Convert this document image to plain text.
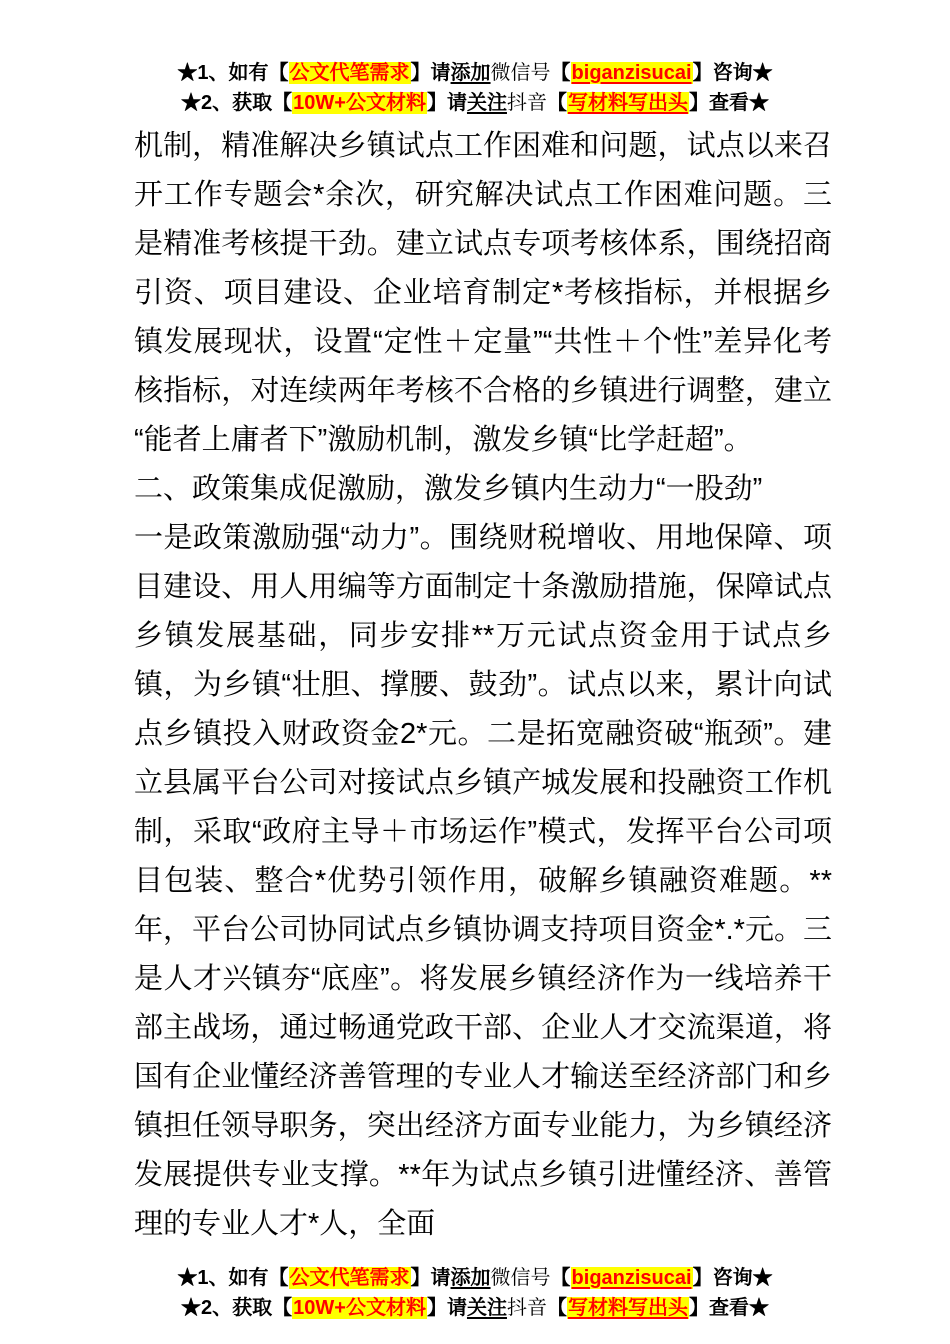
★1、如有【公文代笔需求】请添加微信号【biganzisucai】咨询★
★2、获取【10W+公文材料】请关注抖音【写材料写出头】查看★

机制，精准解决乡镇试点工作困难和问题，试点以来召开工作专题会*余次，研究解决试点工作困难问题。三是精准考核提干劲。建立试点专项考核体系，围绕招商引资、项目建设、企业培育制定*考核指标，并根据乡镇发展现状，设置“定性＋定量”“共性＋个性”差异化考核指标，对连续两年考核不合格的乡镇进行调整，建立“能者上庸者下”激励机制，激发乡镇“比学赶超”。

二、政策集成促激励，激发乡镇内生动力“一股劲”

一是政策激励强“动力”。围绕财税增收、用地保障、项目建设、用人用编等方面制定十条激励措施，保障试点乡镇发展基础，同步安排**万元试点资金用于试点乡镇，为乡镇“壮胆、撑腰、鼓劲”。试点以来，累计向试点乡镇投入财政资金2*元。二是拓宽融资破“瓶颈”。建立县属平台公司对接试点乡镇产城发展和投融资工作机制，采取“政府主导＋市场运作”模式，发挥平台公司项目包装、整合*优势引领作用，破解乡镇融资难题。**年，平台公司协同试点乡镇协调支持项目资金*.*元。三是人才兴镇夯“底座”。将发展乡镇经济作为一线培养干部主战场，通过畅通党政干部、企业人才交流渠道，将国有企业懂经济善管理的专业人才输送至经济部门和乡镇担任领导职务，突出经济方面专业能力，为乡镇经济发展提供专业支撑。**年为试点乡镇引进懂经济、善管理的专业人才*人，全面

★1、如有【公文代笔需求】请添加微信号【biganzisucai】咨询★
★2、获取【10W+公文材料】请关注抖音【写材料写出头】查看★
